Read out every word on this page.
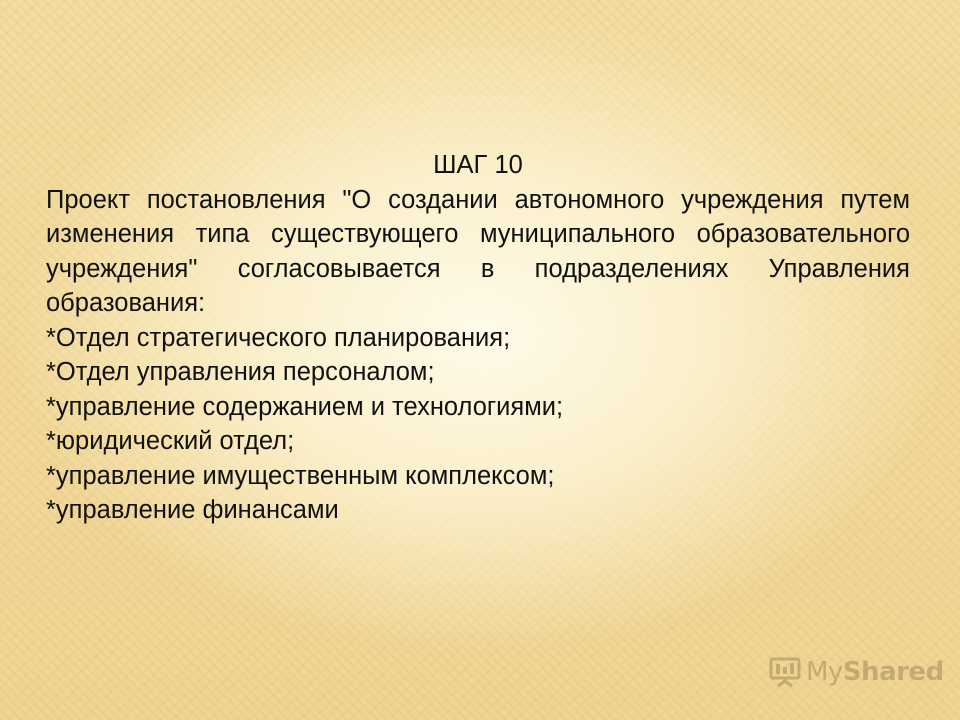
ШАГ 10

Проект постановления "О создании автономного учреждения путем изменения типа существующего муниципального образовательного учреждения" согласовывается в подразделениях Управления образования:

*Отдел стратегического планирования;
*Отдел управления персоналом;
*управление содержанием и технологиями;
*юридический отдел;
*управление имущественным комплексом;
*управление финансами
MyShared
